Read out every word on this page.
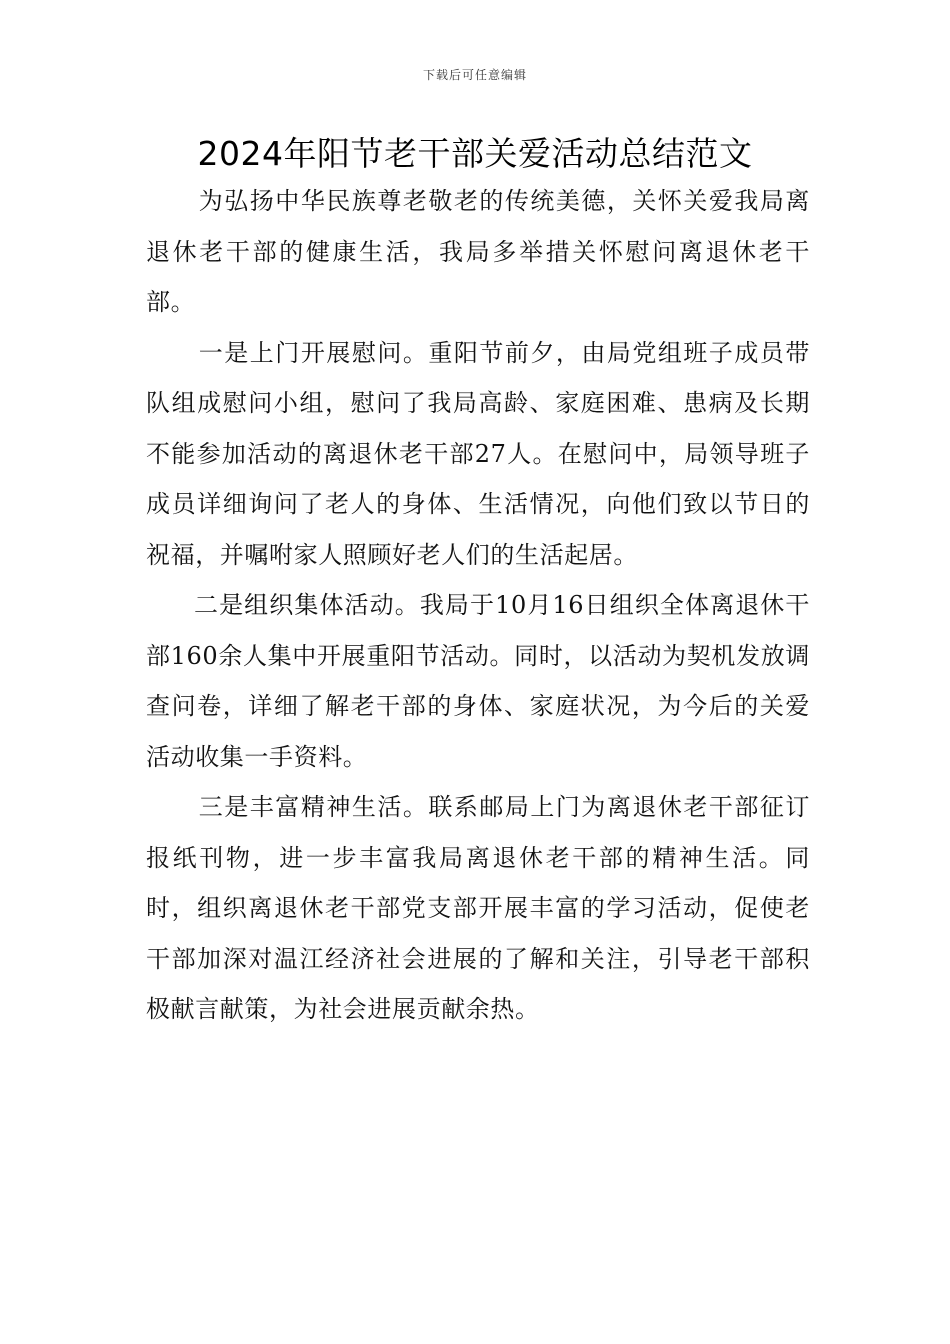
下载后可任意编辑
2024年阳节老干部关爱活动总结范文

为弘扬中华民族尊老敬老的传统美德，关怀关爱我局离退休老干部的健康生活，我局多举措关怀慰问离退休老干部。

一是上门开展慰问。重阳节前夕，由局党组班子成员带队组成慰问小组，慰问了我局高龄、家庭困难、患病及长期不能参加活动的离退休老干部27人。在慰问中，局领导班子成员详细询问了老人的身体、生活情况，向他们致以节日的祝福，并嘱咐家人照顾好老人们的生活起居。

二是组织集体活动。我局于10月16日组织全体离退休干部160余人集中开展重阳节活动。同时，以活动为契机发放调查问卷，详细了解老干部的身体、家庭状况，为今后的关爱活动收集一手资料。

三是丰富精神生活。联系邮局上门为离退休老干部征订报纸刊物，进一步丰富我局离退休老干部的精神生活。同时，组织离退休老干部党支部开展丰富的学习活动，促使老干部加深对温江经济社会进展的了解和关注，引导老干部积极献言献策，为社会进展贡献余热。
